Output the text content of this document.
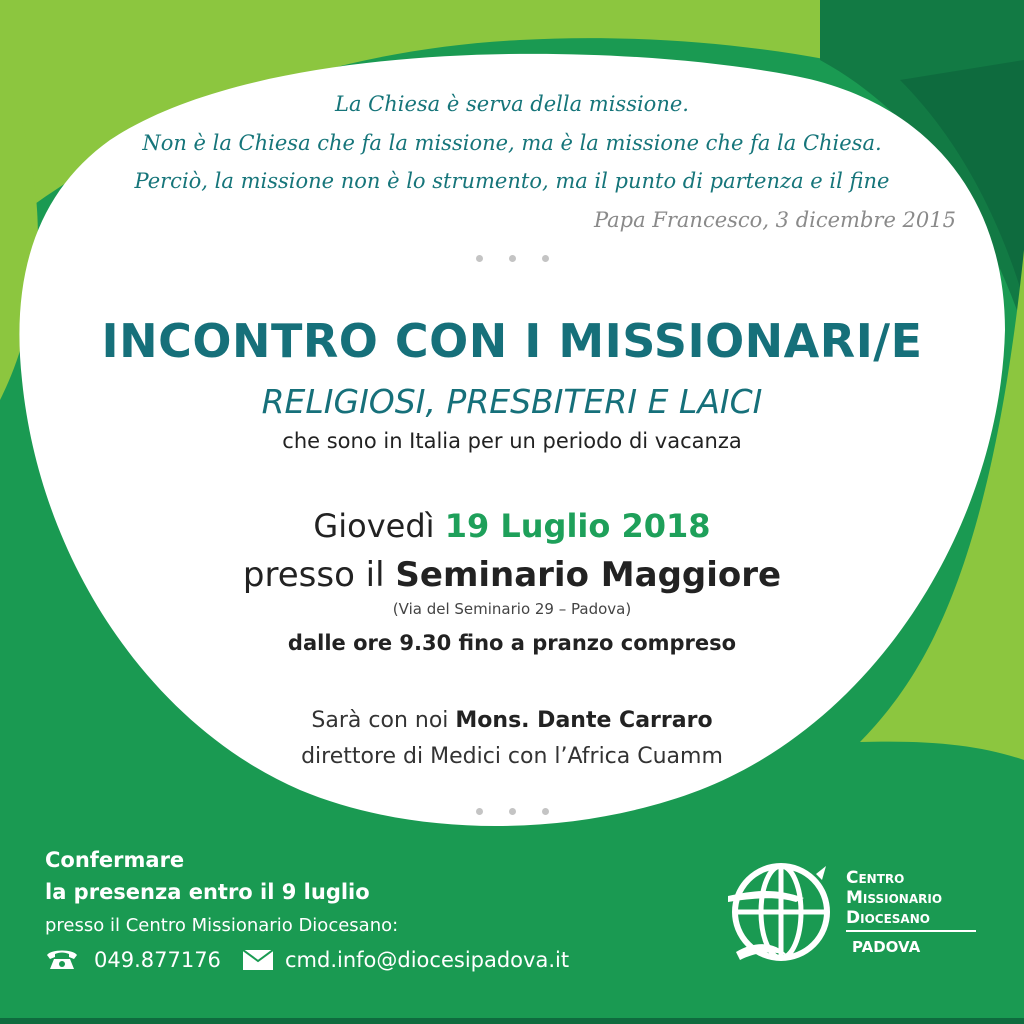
La Chiesa è serva della missione.
Non è la Chiesa che fa la missione, ma è la missione che fa la Chiesa.
Perciò, la missione non è lo strumento, ma il punto di partenza e il fine
Papa Francesco, 3 dicembre 2015
INCONTRO CON I MISSIONARI/E
RELIGIOSI, PRESBITERI E LAICI
che sono in Italia per un periodo di vacanza
Giovedì 19 Luglio 2018
presso il Seminario Maggiore
(Via del Seminario 29 – Padova)
dalle ore 9.30 fino a pranzo compreso
Sarà con noi Mons. Dante Carraro
direttore di Medici con l’Africa Cuamm
Confermare
la presenza entro il 9 luglio
presso il Centro Missionario Diocesano:
049.877176	cmd.info@diocesipadova.it
Centro
Missionario
Diocesano
PADOVA
